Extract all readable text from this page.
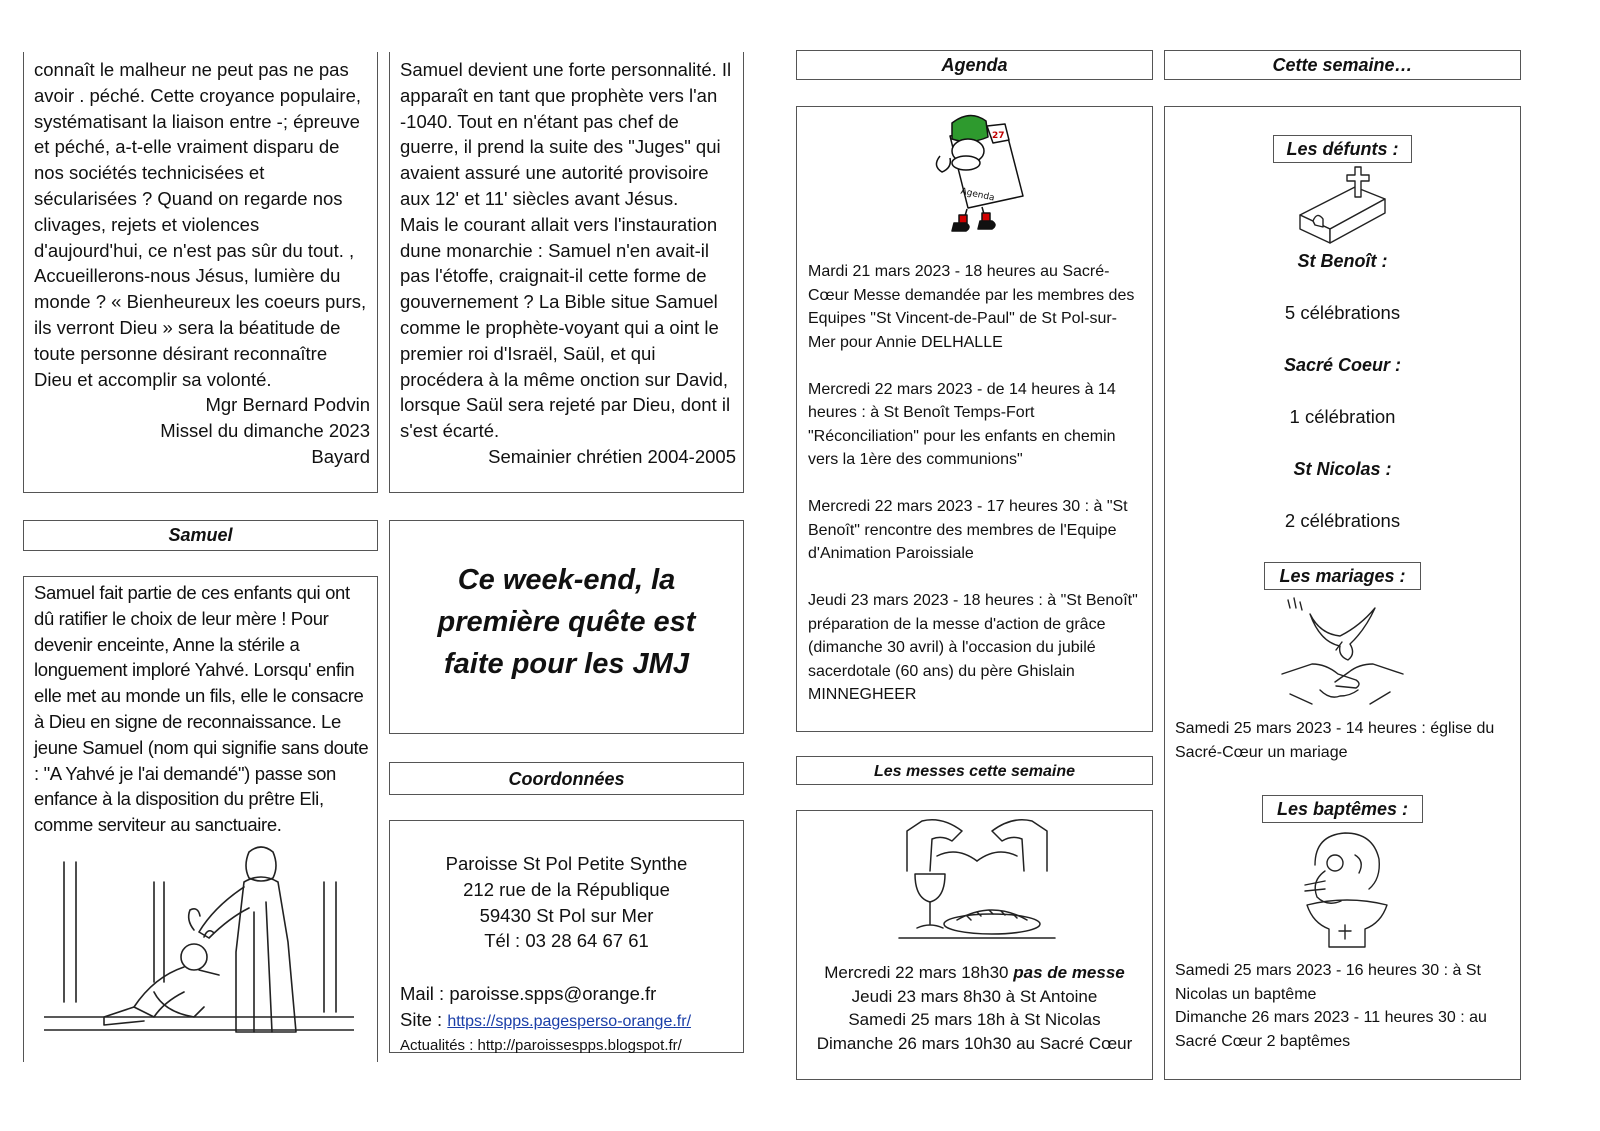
connaît le malheur ne peut pas ne pas avoir . péché. Cette croyance populaire, systématisant la liaison entre -; épreuve et péché, a-t-elle vraiment disparu de nos sociétés technicisées et sécularisées ? Quand on regarde nos clivages, rejets et violences d'aujourd'hui, ce n'est pas sûr du tout. , Accueillerons-nous Jésus, lumière du monde ? « Bienheureux les coeurs purs, ils verront Dieu » sera la béatitude de toute personne désirant reconnaître Dieu et accomplir sa volonté.

Mgr Bernard Podvin

Missel du dimanche 2023

Bayard

Samuel devient une forte personnalité. Il apparaît en tant que prophète vers l'an -1040. Tout en n'étant pas chef de guerre, il prend la suite des "Juges" qui avaient assuré une autorité provisoire aux 12' et 11' siècles avant Jésus.

Mais le courant allait vers l'instauration dune monarchie : Samuel n'en avait-il pas l'étoffe, craignait-il cette forme de gouvernement ? La Bible situe Samuel comme le prophète-voyant qui a oint le premier roi d'Israël, Saül, et qui procédera à la même onction sur David, lorsque Saül sera rejeté par Dieu, dont il s'est écarté.

Semainier chrétien 2004-2005

Samuel

Samuel fait partie de ces enfants qui ont dû ratifier le choix de leur mère ! Pour devenir enceinte, Anne la stérile a longuement imploré Yahvé. Lorsqu' enfin elle met au monde un fils, elle le consacre à Dieu en signe de reconnaissance. Le jeune Samuel (nom qui signifie sans doute : "A Yahvé je l'ai demandé") passe son enfance à la disposition du prêtre Eli, comme serviteur au sanctuaire.

Ce week-end, la
première quête est
faite pour les JMJ
Coordonnées
Paroisse St Pol Petite Synthe
212 rue de la République
59430 St Pol sur Mer
Tél : 03 28 64 67 61
Mail : paroisse.spps@orange.fr
Site : https://spps.pagesperso-orange.fr/
Actualités : http://paroissespps.blogspot.fr/
Agenda
27
Agenda

Mardi 21 mars 2023 - 18 heures au Sacré-Cœur Messe demandée par les membres des Equipes "St Vincent-de-Paul" de St Pol-sur-Mer pour Annie DELHALLE

Mercredi 22 mars 2023 - de 14 heures à 14 heures : à St Benoît Temps-Fort "Réconciliation" pour les enfants en chemin vers la 1ère des communions"

Mercredi 22 mars 2023 - 17 heures 30 : à "St Benoît" rencontre des membres de l'Equipe d'Animation Paroissiale

Jeudi 23 mars 2023 - 18 heures : à "St Benoît" préparation de la messe d'action de grâce (dimanche 30 avril) à l'occasion du jubilé sacerdotale (60 ans) du père Ghislain MINNEGHEER

Les messes cette semaine
Mercredi 22 mars 18h30 pas de messe
Jeudi 23 mars 8h30 à St Antoine
Samedi 25 mars 18h à St Nicolas
Dimanche 26 mars 10h30 au Sacré Cœur
Cette semaine…
Les défunts :
St Benoît :
5 célébrations
Sacré Coeur :
1 célébration
St Nicolas :
2 célébrations
Les mariages :

Samedi 25 mars 2023 - 14 heures : église du Sacré-Cœur un mariage

Les baptêmes :

Samedi 25 mars 2023 - 16 heures 30 : à St Nicolas un baptême

Dimanche 26 mars 2023 - 11 heures 30 : au Sacré Cœur 2 baptêmes
